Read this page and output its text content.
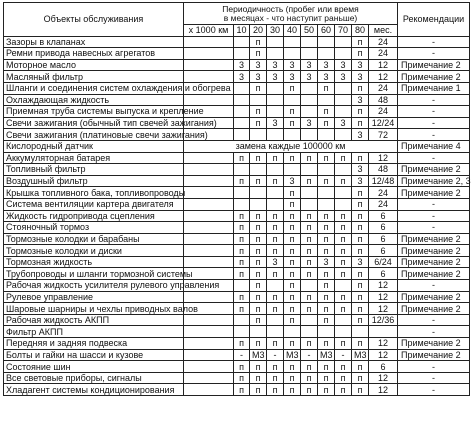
Объекты обслуживания	Периодичность (пробег или время
в месяцах - что наступит раньше)										Рекомендации
	х 1000 км	10	20	30	40	50	60	70	80	мес.	
Зазоры в клапанах			п						п	24	-
Ремни привода навесных агрегатов			п						п	24	-
Моторное масло		3	3	3	3	3	3	3	3	12	Примечание 2
Масляный фильтр		3	3	3	3	3	3	3	3	12	Примечание 2
Шланги и соединения систем охлаждения и обогрева			п		п		п		п	24	Примечание 1
Охлаждающая жидкость									3	48	-
Приемная труба системы выпуска и крепление			п		п		п		п	24	-
Свечи зажигания (обычный тип свечей зажигания)			п	3	п	3	п	3	п	12/24	-
Свечи зажигания (платиновые свечи зажигания)									3	72	-
Кислородный датчик	замена каждые 100000 км										Примечание 4
Аккумуляторная батарея		п	п	п	п	п	п	п	п	12	-
Топливный фильтр									3	48	Примечание 2
Воздушный фильтр		п	п	п	3	п	п	п	3	12/48	Примечание 2, 3
Крышка топливного бака, топливопроводы					п				п	24	Примечание 2
Система вентиляции картера двигателя					п				п	24	-
Жидкость гидропривода сцепления		п	п	п	п	п	п	п	п	6	-
Стояночный тормоз		п	п	п	п	п	п	п	п	6	-
Тормозные колодки и барабаны		п	п	п	п	п	п	п	п	6	Примечание 2
Тормозные колодки и диски		п	п	п	п	п	п	п	п	6	Примечание 2
Тормозная жидкость		п	п	3	п	п	3	п	3	6/24	Примечание 2
Трубопроводы и шланги тормозной системы		п	п	п	п	п	п	п	п	6	Примечание 2
Рабочая жидкость усилителя рулевого управления			п		п		п		п	12	-
Рулевое управление		п	п	п	п	п	п	п	п	12	Примечание 2
Шаровые шарниры и чехлы приводных валов		п	п	п	п	п	п	п	п	12	Примечание 2
Рабочая жидкость АКПП			п		п		п		п	12/36	-
Фильтр АКПП											-
Передняя и задняя подвеска		п	п	п	п	п	п	п	п	12	Примечание 2
Болты и гайки на шасси и кузове		-	М3	-	М3	-	М3	-	М3	12	Примечание 2
Состояние шин		п	п	п	п	п	п	п	п	6	-
Все световые приборы, сигналы		п	п	п	п	п	п	п	п	12	-
Хладагент системы кондиционирования		п	п	п	п	п	п	п	п	12	-
